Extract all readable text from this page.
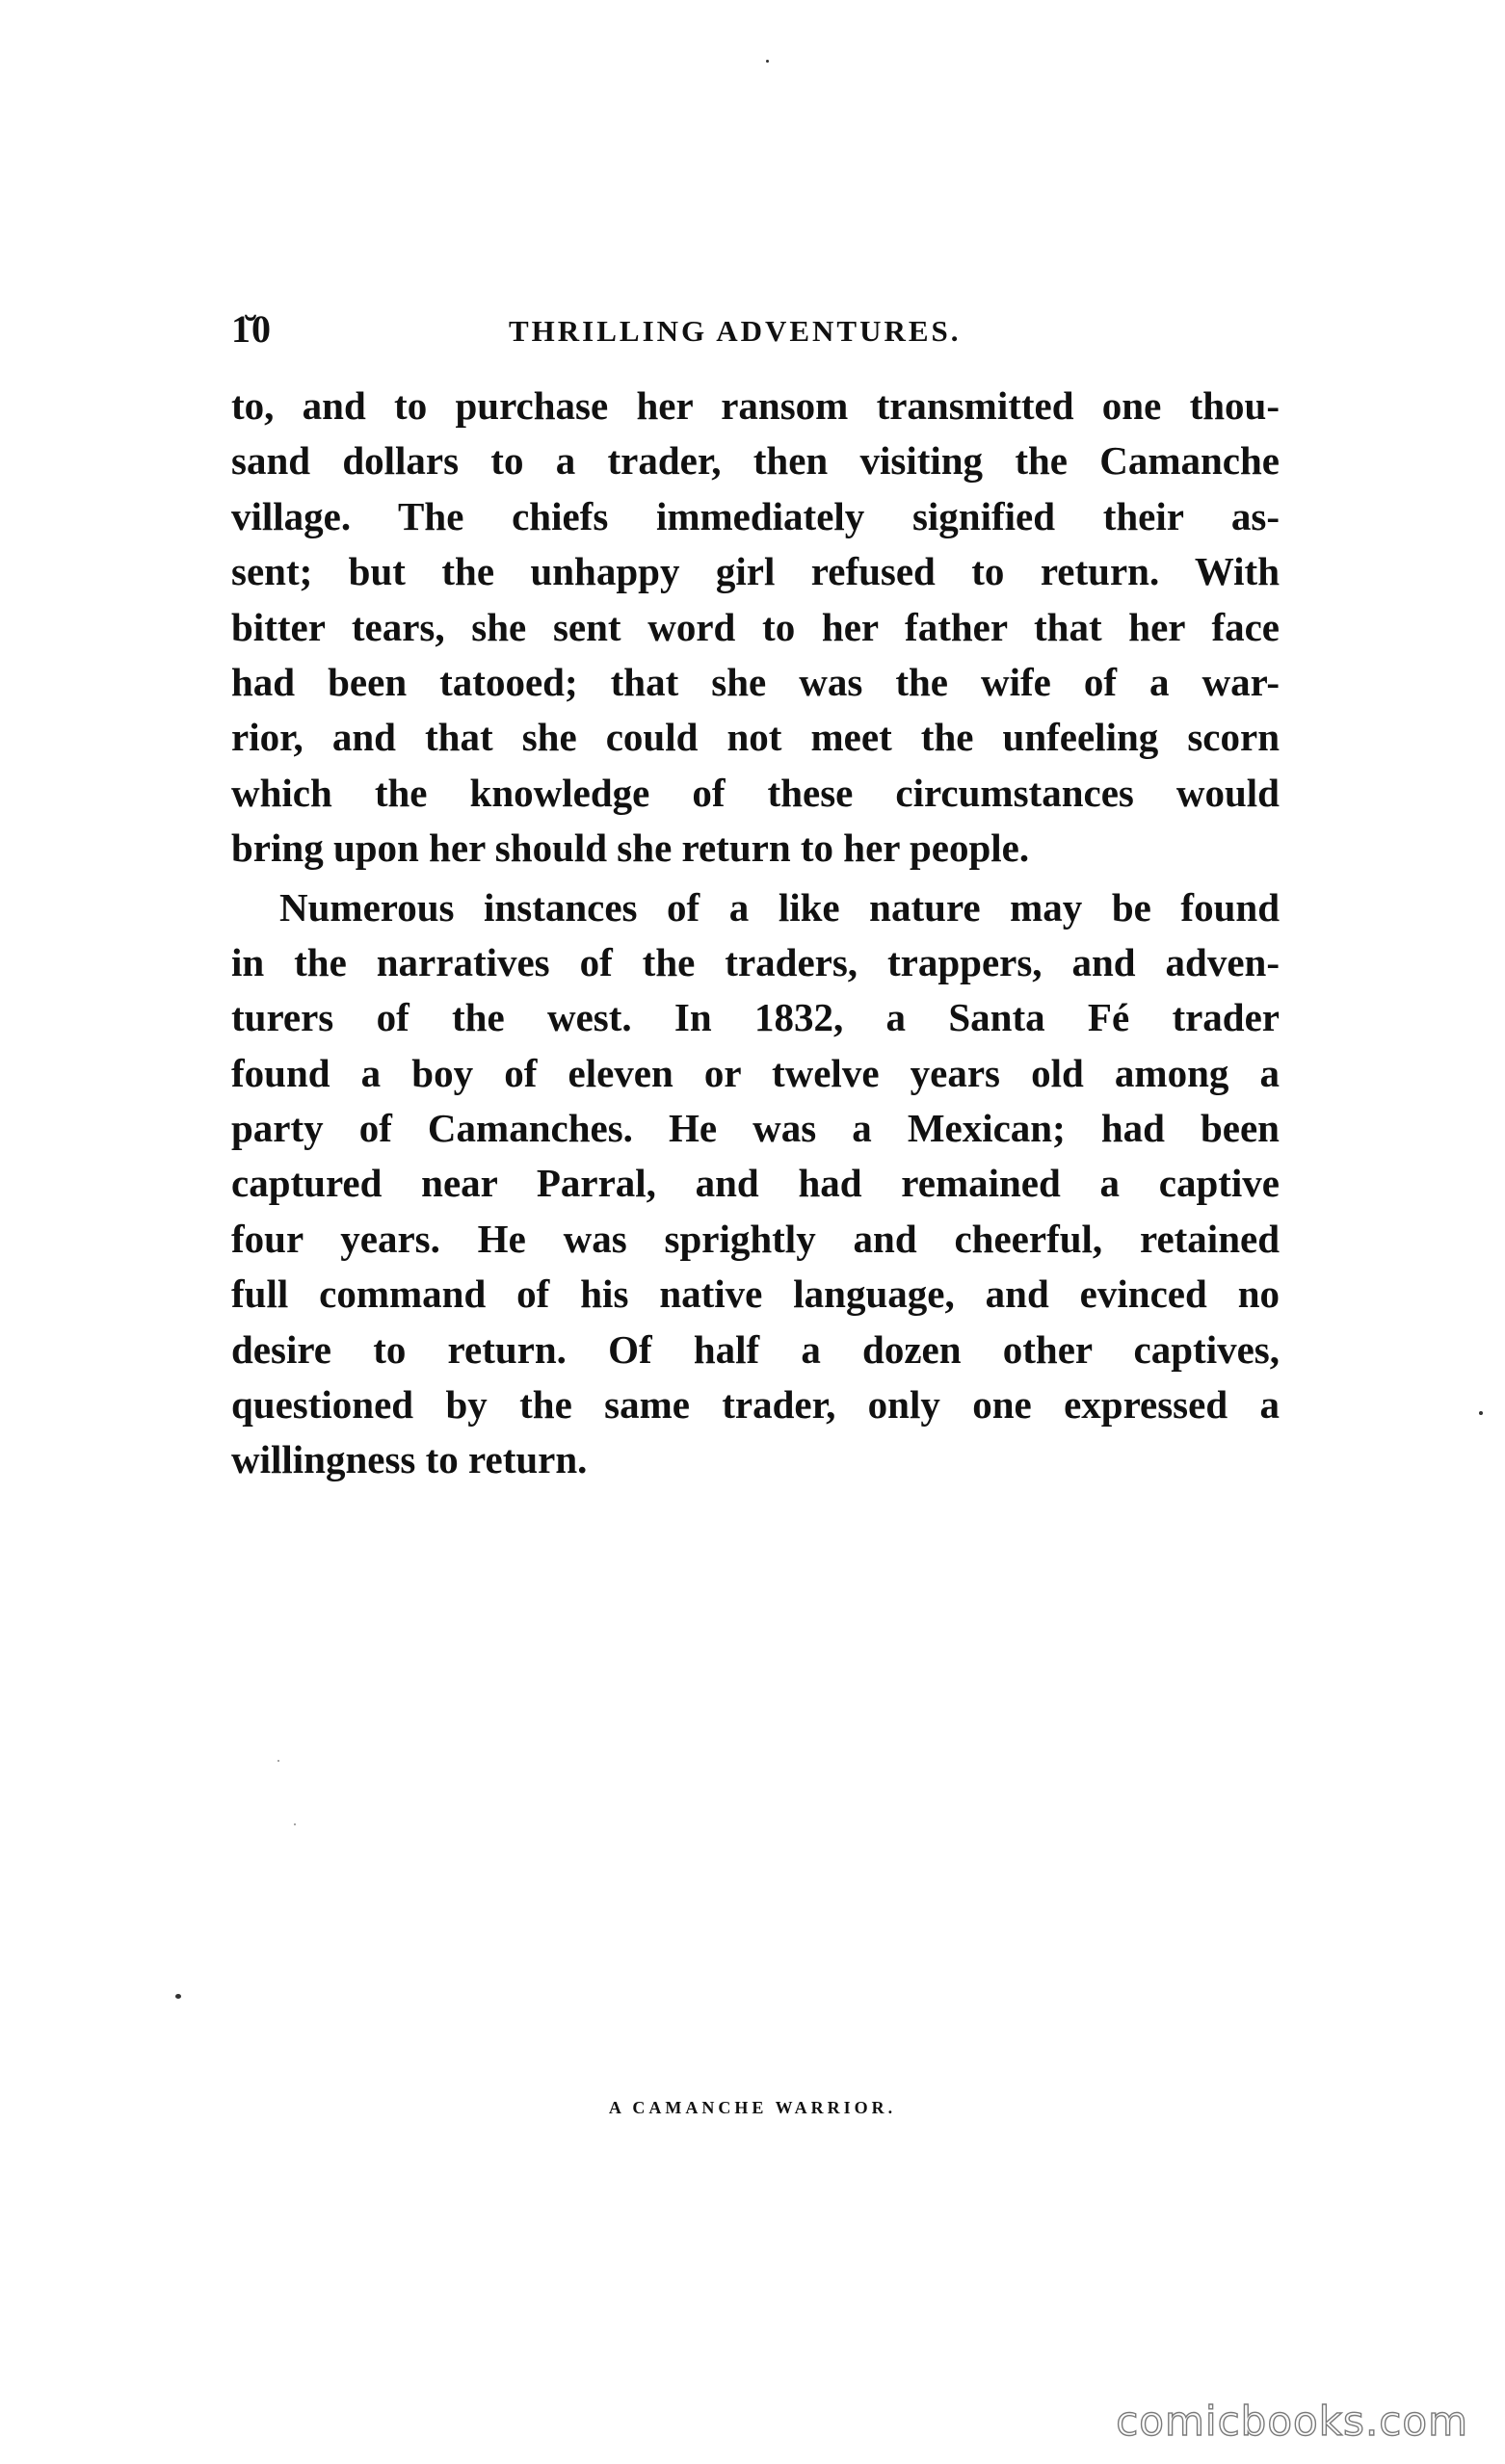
1̆0	THRILLING ADVENTURES.
to, and to purchase her ransom transmitted one thou-
sand dollars to a trader, then visiting the Camanche
village. The chiefs immediately signified their as-
sent; but the unhappy girl refused to return. With
bitter tears, she sent word to her father that her face
had been tatooed; that she was the wife of a war-
rior, and that she could not meet the unfeeling scorn
which the knowledge of these circumstances would
bring upon her should she return to her people.
Numerous instances of a like nature may be found
in the narratives of the traders, trappers, and adven-
turers of the west. In 1832, a Santa Fé trader
found a boy of eleven or twelve years old among a
party of Camanches. He was a Mexican; had been
captured near Parral, and had remained a captive
four years. He was sprightly and cheerful, retained
full command of his native language, and evinced no
desire to return. Of half a dozen other captives,
questioned by the same trader, only one expressed a
willingness to return.
A CAMANCHE WARRIOR.
comicbooks.com
